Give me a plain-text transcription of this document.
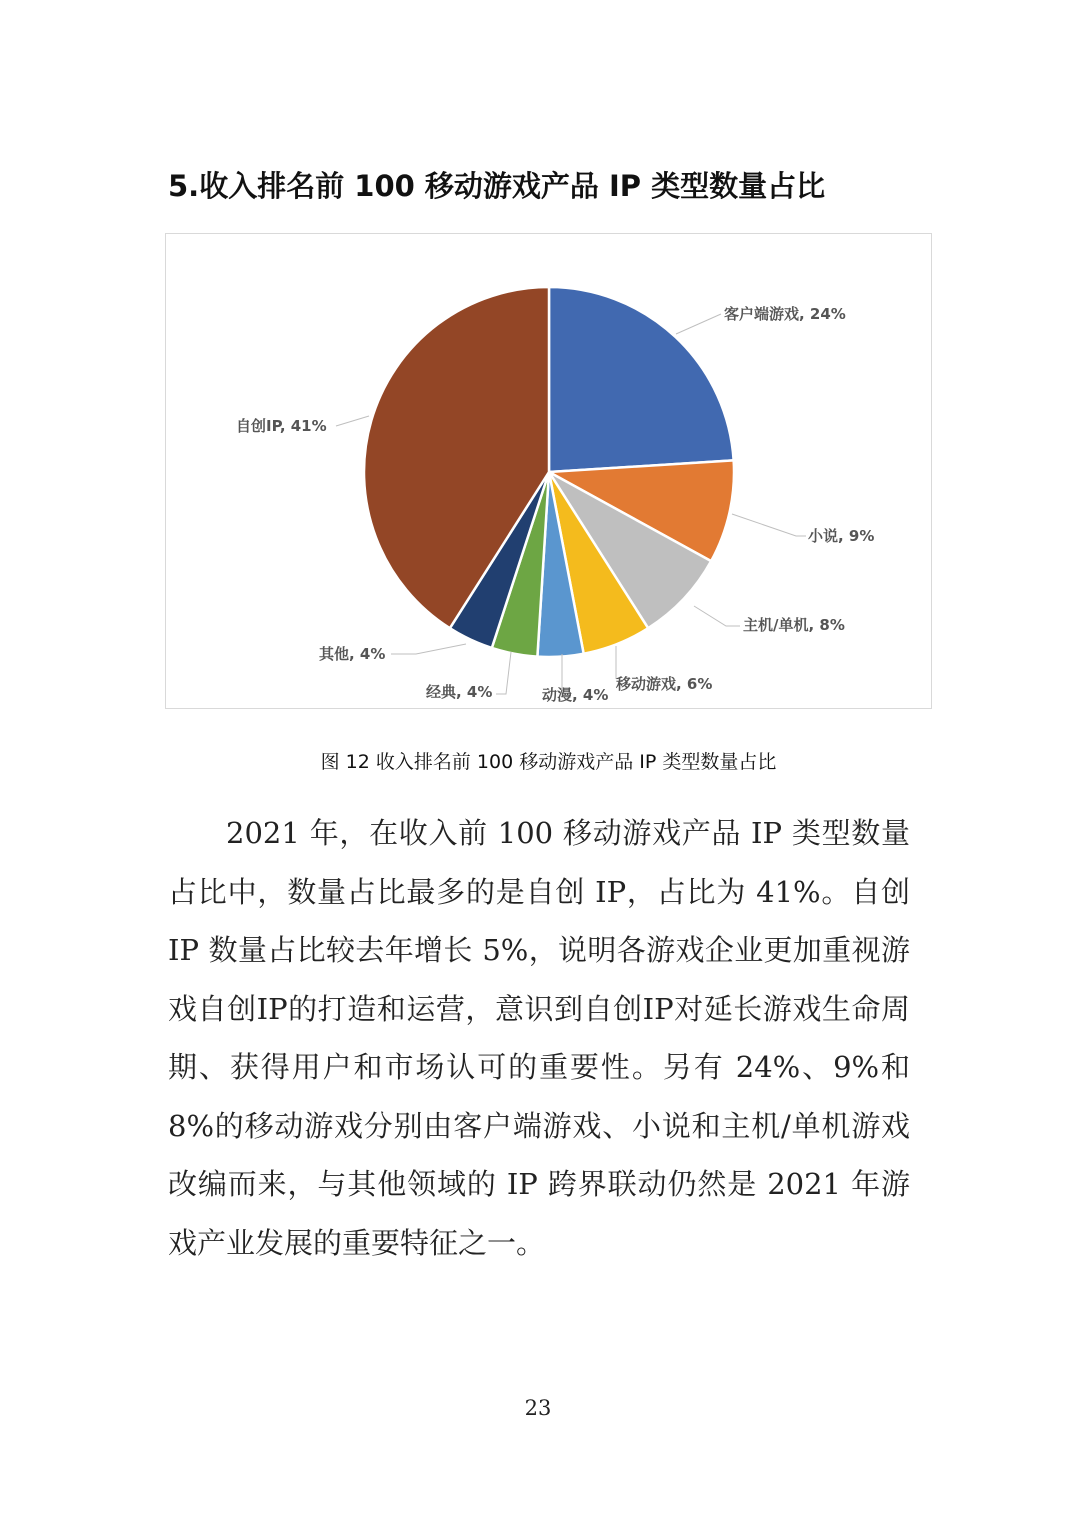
5.收入排名前 100 移动游戏产品 IP 类型数量占比
客户端游戏, 24%
小说, 9%
主机/单机, 8%
移动游戏, 6%
动漫, 4%
经典, 4%
其他, 4%
自创IP, 41%
图 12 收入排名前 100 移动游戏产品 IP 类型数量占比
2021 年，在收入前 100 移动游戏产品 IP 类型数量占比中，数量占比最多的是自创 IP，占比为 41%。自创 IP 数量占比较去年增长 5%，说明各游戏企业更加重视游戏自创IP的打造和运营，意识到自创IP对延长游戏生命周期、获得用户和市场认可的重要性。另有 24%、9%和 8%的移动游戏分别由客户端游戏、小说和主机/单机游戏改编而来，与其他领域的 IP 跨界联动仍然是 2021 年游戏产业发展的重要特征之一。
23
